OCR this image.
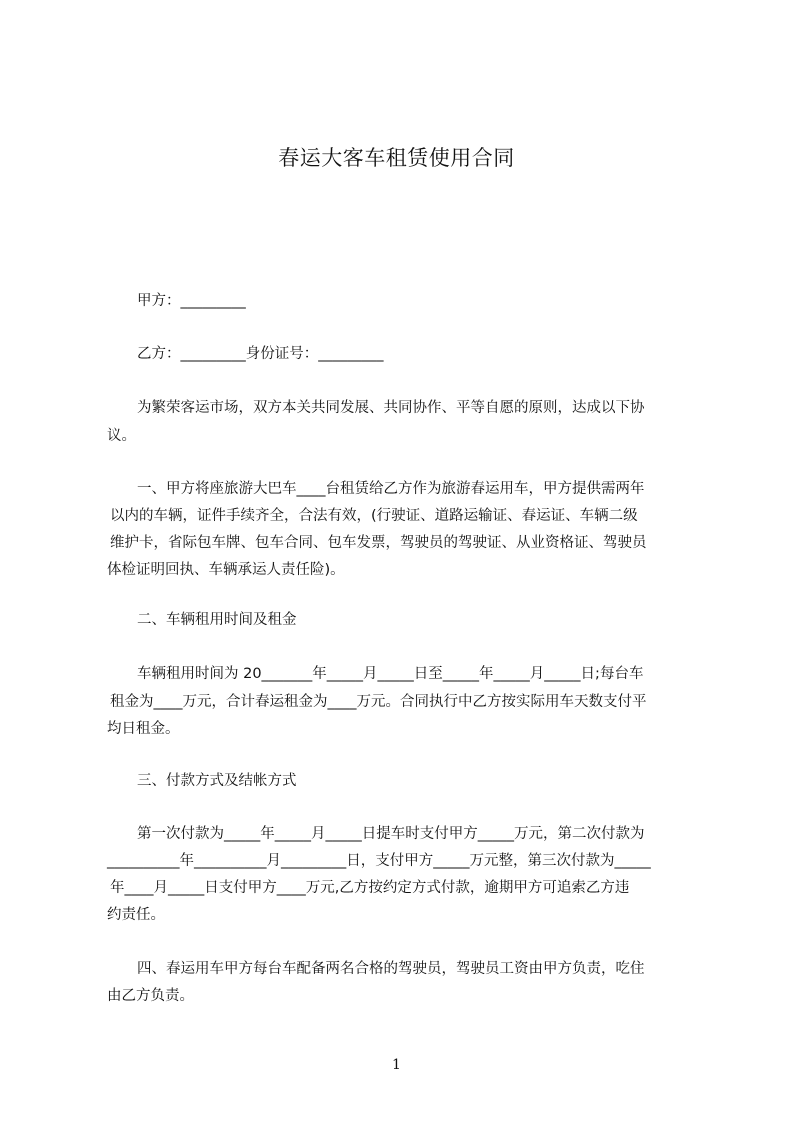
春运大客车租赁使用合同

甲方：_________

乙方：_________身份证号：_________

为繁荣客运市场，双方本关共同发展、共同协作、平等自愿的原则，达成以下协

议。

一、甲方将座旅游大巴车____台租赁给乙方作为旅游春运用车，甲方提供需两年

以内的车辆，证件手续齐全，合法有效，(行驶证、道路运输证、春运证、车辆二级

维护卡，省际包车牌、包车合同、包车发票，驾驶员的驾驶证、从业资格证、驾驶员

体检证明回执、车辆承运人责任险)。

二、车辆租用时间及租金

车辆租用时间为 20_______年_____月_____日至_____年_____月_____日;每台车

租金为____万元，合计春运租金为____万元。合同执行中乙方按实际用车天数支付平

均日租金。

三、付款方式及结帐方式

第一次付款为_____年_____月_____日提车时支付甲方_____万元，第二次付款为

__________年__________月_________日，支付甲方_____万元整，第三次付款为_____

年____月_____日支付甲方____万元,乙方按约定方式付款，逾期甲方可追索乙方违

约责任。

四、春运用车甲方每台车配备两名合格的驾驶员，驾驶员工资由甲方负责，吃住

由乙方负责。

1
